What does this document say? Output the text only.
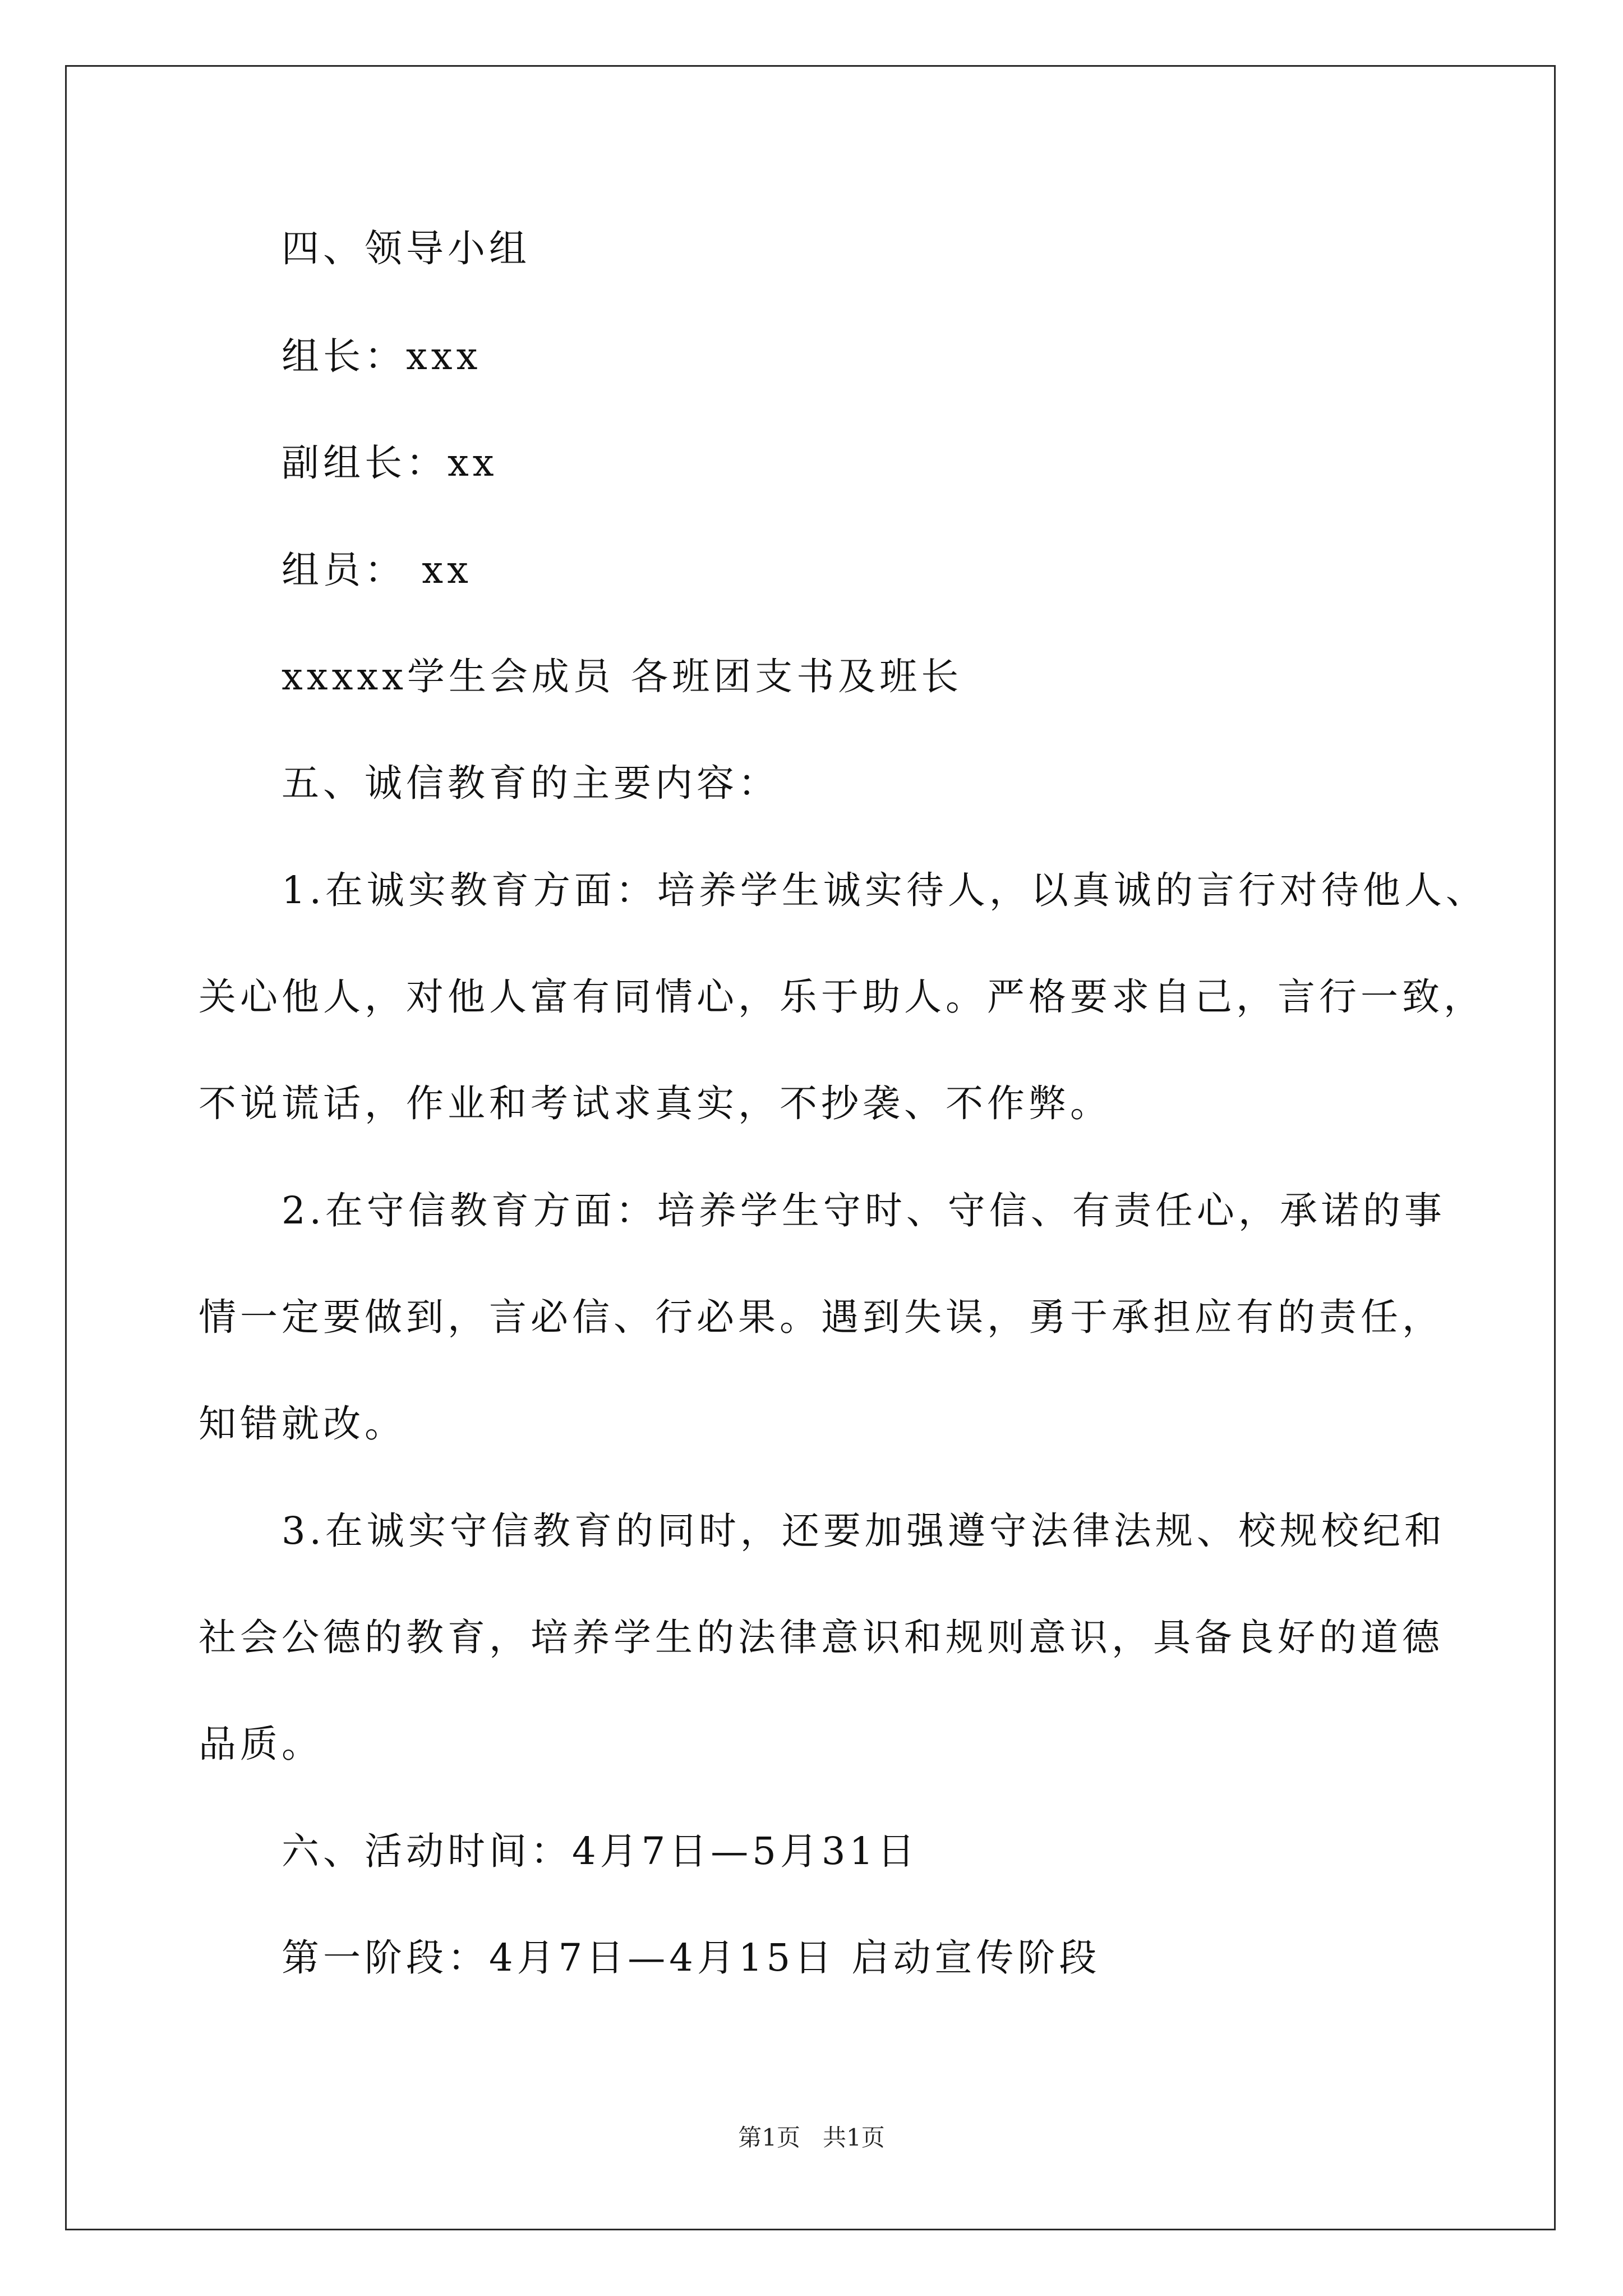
四、领导小组
组长：xxx
副组长：xx
组员： xx
xxxxx学生会成员 各班团支书及班长
五、诚信教育的主要内容：
1.在诚实教育方面：培养学生诚实待人，以真诚的言行对待他人、
关心他人，对他人富有同情心，乐于助人。严格要求自己，言行一致，
不说谎话，作业和考试求真实，不抄袭、不作弊。
2.在守信教育方面：培养学生守时、守信、有责任心，承诺的事
情一定要做到，言必信、行必果。遇到失误，勇于承担应有的责任，
知错就改。
3.在诚实守信教育的同时，还要加强遵守法律法规、校规校纪和
社会公德的教育，培养学生的法律意识和规则意识，具备良好的道德
品质。
六、活动时间：4月7日—5月31日
第一阶段：4月7日—4月15日 启动宣传阶段
第1页   共1页
